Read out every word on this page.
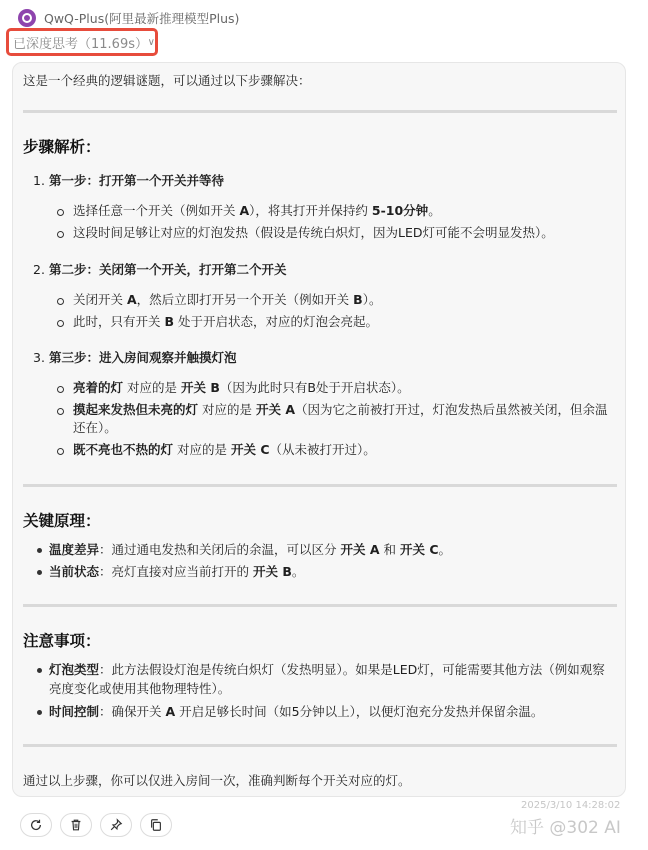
QwQ-Plus(阿里最新推理模型Plus)
已深度思考（11.69s） ∨
这是一个经典的逻辑谜题，可以通过以下步骤解决：
步骤解析：
1. 第一步：打开第一个开关并等待
选择任意一个开关（例如开关 A），将其打开并保持约 5-10分钟。
这段时间足够让对应的灯泡发热（假设是传统白炽灯，因为LED灯可能不会明显发热）。
2. 第二步：关闭第一个开关，打开第二个开关
关闭开关 A，然后立即打开另一个开关（例如开关 B）。
此时，只有开关 B 处于开启状态，对应的灯泡会亮起。
3. 第三步：进入房间观察并触摸灯泡
亮着的灯 对应的是 开关 B（因为此时只有B处于开启状态）。
摸起来发热但未亮的灯 对应的是 开关 A（因为它之前被打开过，灯泡发热后虽然被关闭，但余温
还在）。
既不亮也不热的灯 对应的是 开关 C（从未被打开过）。
关键原理：
温度差异：通过通电发热和关闭后的余温，可以区分 开关 A 和 开关 C。
当前状态：亮灯直接对应当前打开的 开关 B。
注意事项：
灯泡类型：此方法假设灯泡是传统白炽灯（发热明显）。如果是LED灯，可能需要其他方法（例如观察
亮度变化或使用其他物理特性）。
时间控制：确保开关 A 开启足够长时间（如5分钟以上），以便灯泡充分发热并保留余温。
通过以上步骤，你可以仅进入房间一次，准确判断每个开关对应的灯。
2025/3/10 14:28:02
知乎 @302 AI
